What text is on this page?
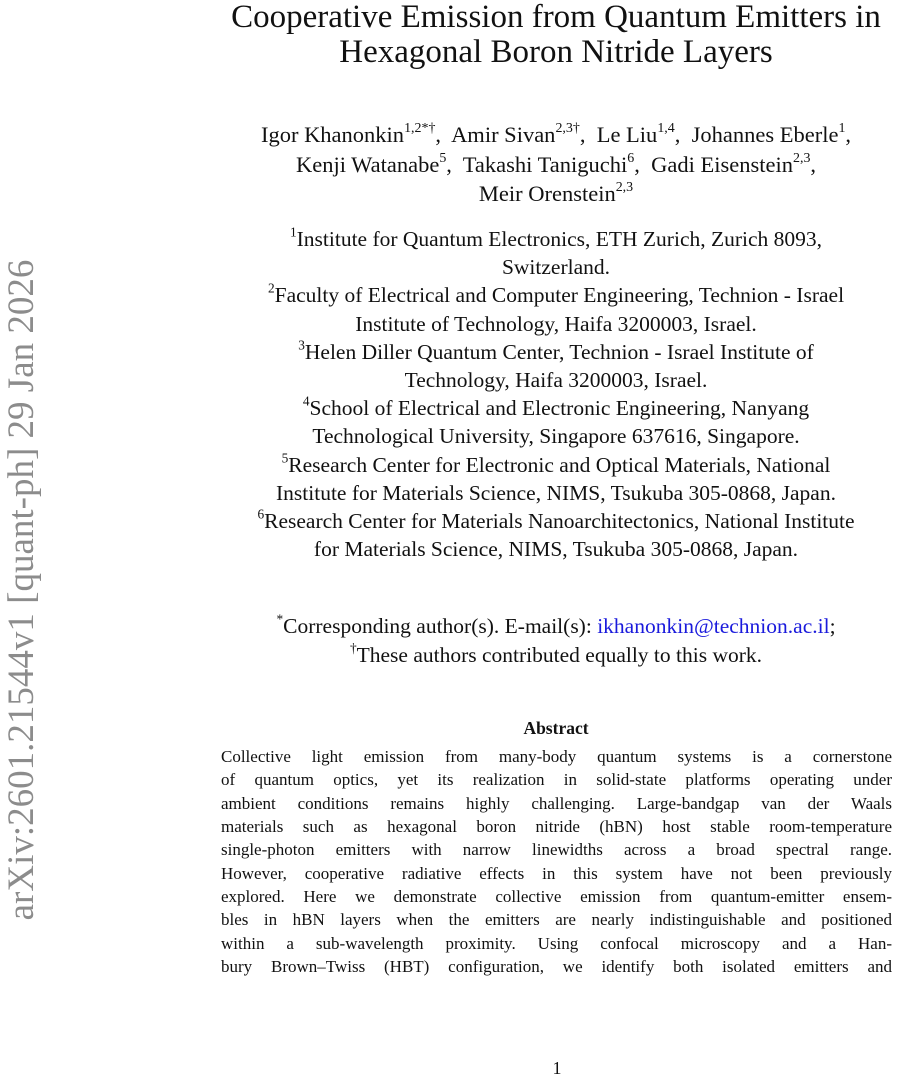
arXiv:2601.21544v1 [quant-ph] 29 Jan 2026
Cooperative Emission from Quantum Emitters in
Hexagonal Boron Nitride Layers
Igor Khanonkin$^{1,2*\dagger}$,  Amir Sivan$^{2,3\dagger}$,  Le Liu$^{1,4}$,  Johannes Eberle$^1$,
Kenji Watanabe$^5$,  Takashi Taniguchi$^6$,  Gadi Eisenstein$^{2,3}$,
Meir Orenstein$^{2,3}$
$^1$Institute for Quantum Electronics, ETH Zurich, Zurich 8093,
Switzerland.
$^2$Faculty of Electrical and Computer Engineering, Technion - Israel
Institute of Technology, Haifa 3200003, Israel.
$^3$Helen Diller Quantum Center, Technion - Israel Institute of
Technology, Haifa 3200003, Israel.
$^4$School of Electrical and Electronic Engineering, Nanyang
Technological University, Singapore 637616, Singapore.
$^5$Research Center for Electronic and Optical Materials, National
Institute for Materials Science, NIMS, Tsukuba 305-0868, Japan.
$^6$Research Center for Materials Nanoarchitectonics, National Institute
for Materials Science, NIMS, Tsukuba 305-0868, Japan.
*Corresponding author(s). E-mail(s): ikhanonkin@technion.ac.il;
†These authors contributed equally to this work.
Abstract
Collective light emission from many-body quantum systems is a cornerstone
of quantum optics, yet its realization in solid-state platforms operating under
ambient conditions remains highly challenging. Large-bandgap van der Waals
materials such as hexagonal boron nitride (hBN) host stable room-temperature
single-photon emitters with narrow linewidths across a broad spectral range.
However, cooperative radiative effects in this system have not been previously
explored. Here we demonstrate collective emission from quantum-emitter ensem-
bles in hBN layers when the emitters are nearly indistinguishable and positioned
within a sub-wavelength proximity. Using confocal microscopy and a Han-
bury Brown–Twiss (HBT) configuration, we identify both isolated emitters and
1
